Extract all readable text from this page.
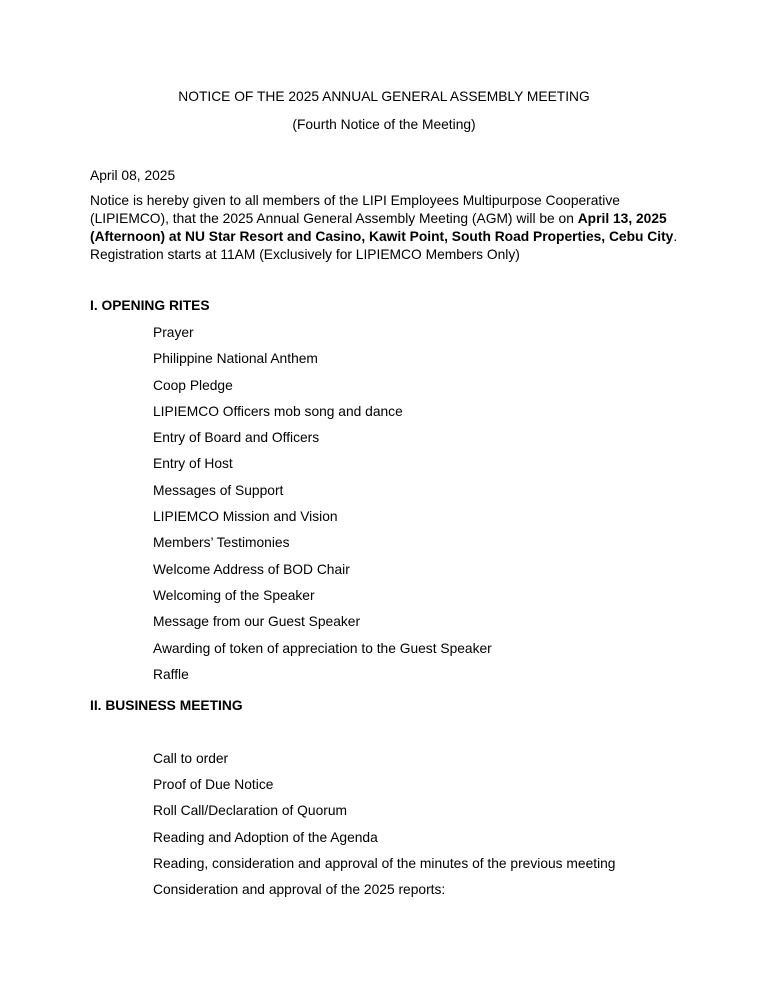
NOTICE OF THE 2025 ANNUAL GENERAL ASSEMBLY MEETING

(Fourth Notice of the Meeting)

April 08, 2025
Notice is hereby given to all members of the LIPI Employees Multipurpose Cooperative (LIPIEMCO), that the 2025 Annual General Assembly Meeting (AGM) will be on April 13, 2025 (Afternoon) at NU Star Resort and Casino, Kawit Point, South Road Properties, Cebu City. Registration starts at 11AM (Exclusively for LIPIEMCO Members Only)

I. OPENING RITES

Prayer
Philippine National Anthem
Coop Pledge
LIPIEMCO Officers mob song and dance
Entry of Board and Officers
Entry of Host
Messages of Support
LIPIEMCO Mission and Vision
Members’ Testimonies
Welcome Address of BOD Chair
Welcoming of the Speaker
Message from our Guest Speaker
Awarding of token of appreciation to the Guest Speaker
Raffle

II. BUSINESS MEETING

Call to order
Proof of Due Notice
Roll Call/Declaration of Quorum
Reading and Adoption of the Agenda
Reading, consideration and approval of the minutes of the previous meeting
Consideration and approval of the 2025 reports:
